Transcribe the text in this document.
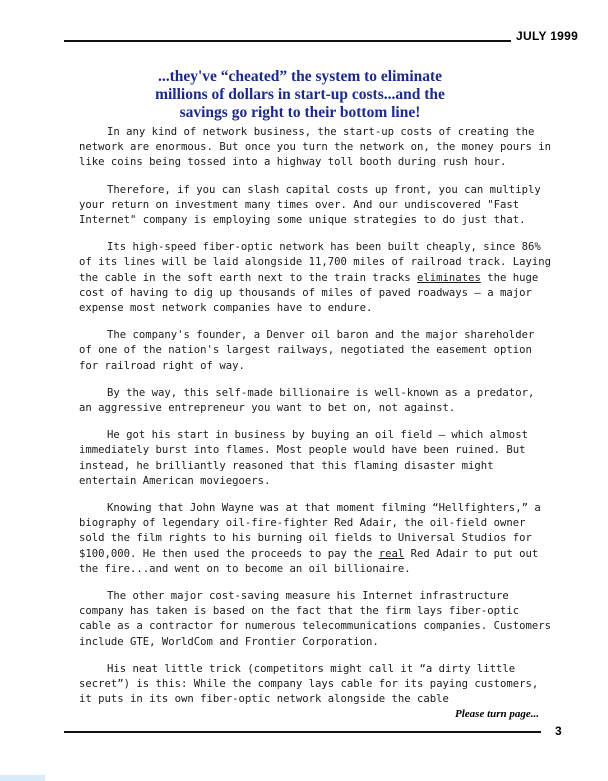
JULY 1999
...they've “cheated” the system to eliminate
millions of dollars in start-up costs...and the
savings go right to their bottom line!

In any kind of network business, the start-up costs of creating the network are enormous. But once you turn the network on, the money pours in like coins being tossed into a highway toll booth during rush hour.

Therefore, if you can slash capital costs up front, you can multiply your return on investment many times over. And our undiscovered "Fast Internet" company is employing some unique strategies to do just that.

Its high-speed fiber-optic network has been built cheaply, since 86% of its lines will be laid alongside 11,700 miles of railroad track. Laying the cable in the soft earth next to the train tracks eliminates the huge cost of having to dig up thousands of miles of paved roadways – a major expense most network companies have to endure.

The company's founder, a Denver oil baron and the major shareholder of one of the nation's largest railways, negotiated the easement option for railroad right of way.

By the way, this self-made billionaire is well-known as a predator, an aggressive entrepreneur you want to bet on, not against.

He got his start in business by buying an oil field – which almost immediately burst into flames. Most people would have been ruined. But instead, he brilliantly reasoned that this flaming disaster might entertain American moviegoers.

Knowing that John Wayne was at that moment filming “Hellfighters,” a biography of legendary oil-fire-fighter Red Adair, the oil-field owner sold the film rights to his burning oil fields to Universal Studios for $100,000. He then used the proceeds to pay the real Red Adair to put out the fire...and went on to become an oil billionaire.

The other major cost-saving measure his Internet infrastructure company has taken is based on the fact that the firm lays fiber-optic cable as a contractor for numerous telecommunications companies. Customers include GTE, WorldCom and Frontier Corporation.

His neat little trick (competitors might call it “a dirty little secret”) is this: While the company lays cable for its paying customers, it puts in its own fiber-optic network alongside the cable

Please turn page...
3
